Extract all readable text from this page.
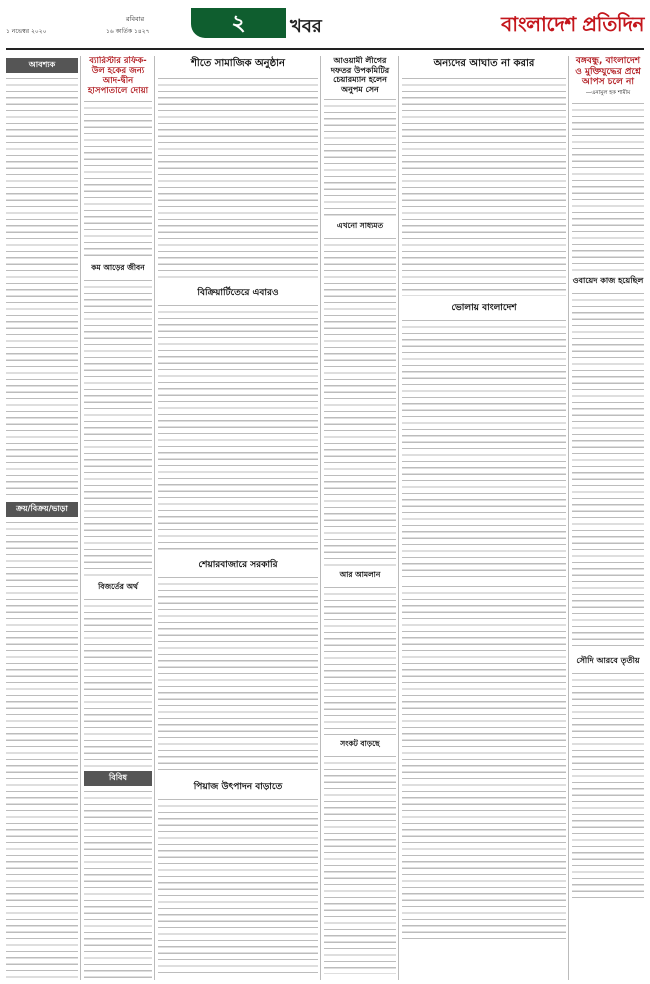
রবিবার
১ নভেম্বর ২০২০	১৬ কার্তিক ১৪২৭	২	খবর	বাংলাদেশ প্রতিদিন
আবশ্যক
ক্রয়/বিক্রয়/ভাড়া
ব্যারিস্টার রফিক-উল হকের জন্য আদ-দ্বীন হাসপাতালে দোয়া
কম আড়ের জীবন
বিজর্তের অর্থ
বিবিধ
শীতে সামাজিক অনুষ্ঠান
বিক্রিয়ার্টিতেরে এবারও
শেয়ারবাজারে সরকারি
পিয়াজ উৎপাদন বাড়াতে
আওয়ামী লীগের দফতর উপকমিটির চেয়ারম্যান হলেন অনুপম সেন
এখনো সাধ্যমত
আর আমলান
সংকট বাড়ছে
অন্যদের আঘাত না করার
ভোলায় বাংলাদেশ
বঙ্গবন্ধু, বাংলাদেশ ও মুক্তিযুদ্ধের প্রশ্নে আপস চলে না
—এনামুল হক শামীম
ওবায়েদ কাজ হয়েছিল
সৌদি আরবে তৃতীয়
